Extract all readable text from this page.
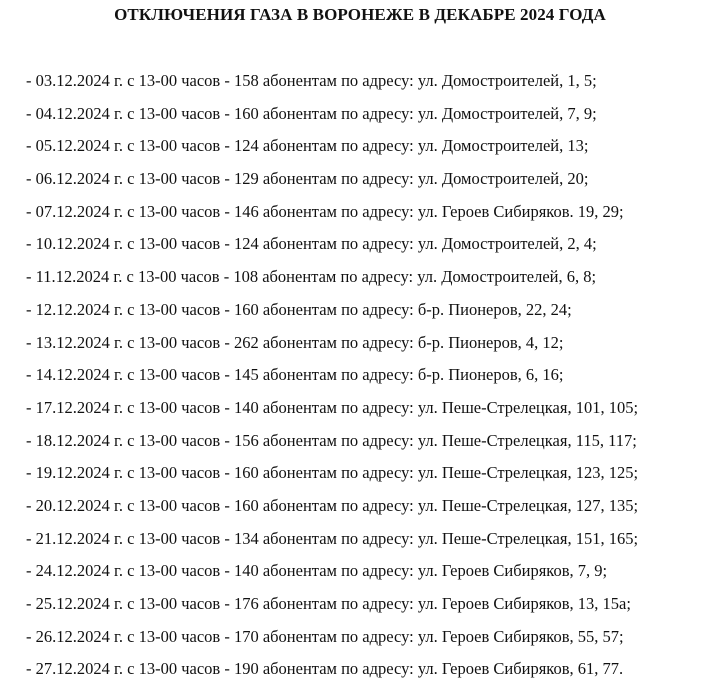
ОТКЛЮЧЕНИЯ ГАЗА В ВОРОНЕЖЕ В ДЕКАБРЕ 2024 ГОДА
- 03.12.2024 г. с 13-00 часов - 158 абонентам по адресу: ул. Домостроителей, 1, 5;
- 04.12.2024 г. с 13-00 часов - 160 абонентам по адресу: ул. Домостроителей, 7, 9;
- 05.12.2024 г. с 13-00 часов - 124 абонентам по адресу: ул. Домостроителей, 13;
- 06.12.2024 г. с 13-00 часов - 129 абонентам по адресу: ул. Домостроителей, 20;
- 07.12.2024 г. с 13-00 часов - 146 абонентам по адресу: ул. Героев Сибиряков. 19, 29;
- 10.12.2024 г. с 13-00 часов - 124 абонентам по адресу: ул. Домостроителей, 2, 4;
- 11.12.2024 г. с 13-00 часов - 108 абонентам по адресу: ул. Домостроителей, 6, 8;
- 12.12.2024 г. с 13-00 часов - 160 абонентам по адресу: б-р. Пионеров, 22, 24;
- 13.12.2024 г. с 13-00 часов - 262 абонентам по адресу: б-р. Пионеров, 4, 12;
- 14.12.2024 г. с 13-00 часов - 145 абонентам по адресу: б-р. Пионеров, 6, 16;
- 17.12.2024 г. с 13-00 часов - 140 абонентам по адресу: ул. Пеше-Стрелецкая, 101, 105;
- 18.12.2024 г. с 13-00 часов - 156 абонентам по адресу: ул. Пеше-Стрелецкая, 115, 117;
- 19.12.2024 г. с 13-00 часов - 160 абонентам по адресу: ул. Пеше-Стрелецкая, 123, 125;
- 20.12.2024 г. с 13-00 часов - 160 абонентам по адресу: ул. Пеше-Стрелецкая, 127, 135;
- 21.12.2024 г. с 13-00 часов - 134 абонентам по адресу: ул. Пеше-Стрелецкая, 151, 165;
- 24.12.2024 г. с 13-00 часов - 140 абонентам по адресу: ул. Героев Сибиряков, 7, 9;
- 25.12.2024 г. с 13-00 часов - 176 абонентам по адресу: ул. Героев Сибиряков, 13, 15а;
- 26.12.2024 г. с 13-00 часов - 170 абонентам по адресу: ул. Героев Сибиряков, 55, 57;
- 27.12.2024 г. с 13-00 часов - 190 абонентам по адресу: ул. Героев Сибиряков, 61, 77.
